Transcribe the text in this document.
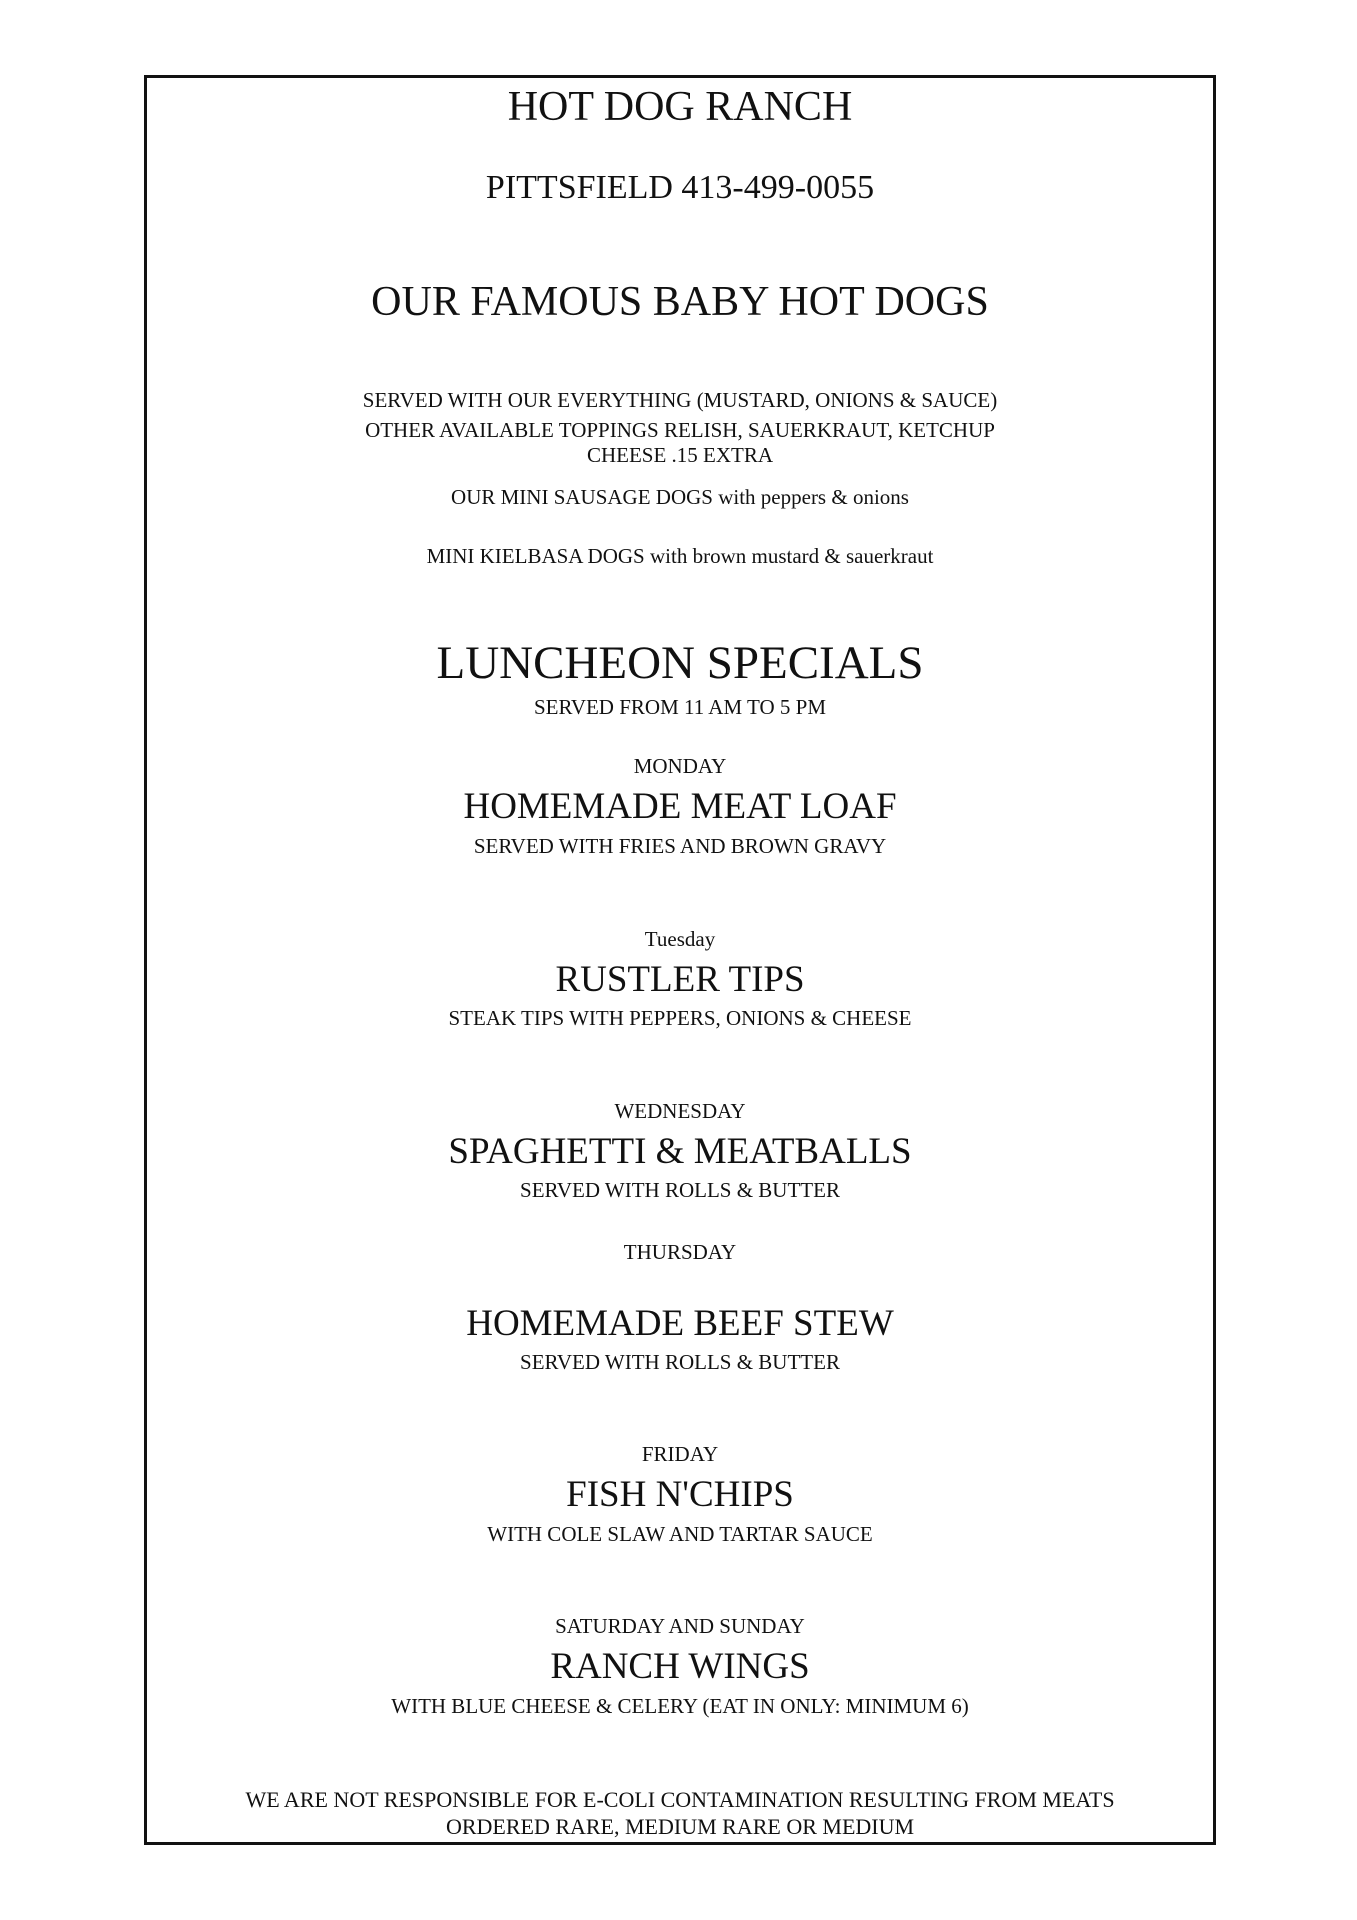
HOT DOG RANCH
PITTSFIELD 413-499-0055
OUR FAMOUS BABY HOT DOGS
SERVED WITH OUR EVERYTHING (MUSTARD, ONIONS & SAUCE)
OTHER AVAILABLE TOPPINGS RELISH, SAUERKRAUT, KETCHUP
CHEESE .15 EXTRA
OUR MINI SAUSAGE DOGS with peppers & onions
MINI KIELBASA DOGS with brown mustard & sauerkraut
LUNCHEON SPECIALS
SERVED FROM 11 AM TO 5 PM
MONDAY
HOMEMADE MEAT LOAF
SERVED WITH FRIES AND BROWN GRAVY
Tuesday
RUSTLER TIPS
STEAK TIPS WITH PEPPERS, ONIONS & CHEESE
WEDNESDAY
SPAGHETTI & MEATBALLS
SERVED WITH ROLLS & BUTTER
THURSDAY
HOMEMADE BEEF STEW
SERVED WITH ROLLS & BUTTER
FRIDAY
FISH N'CHIPS
WITH COLE SLAW AND TARTAR SAUCE
SATURDAY AND SUNDAY
RANCH WINGS
WITH BLUE CHEESE & CELERY (EAT IN ONLY: MINIMUM 6)
WE ARE NOT RESPONSIBLE FOR E-COLI CONTAMINATION RESULTING FROM MEATS
ORDERED RARE, MEDIUM RARE OR MEDIUM
